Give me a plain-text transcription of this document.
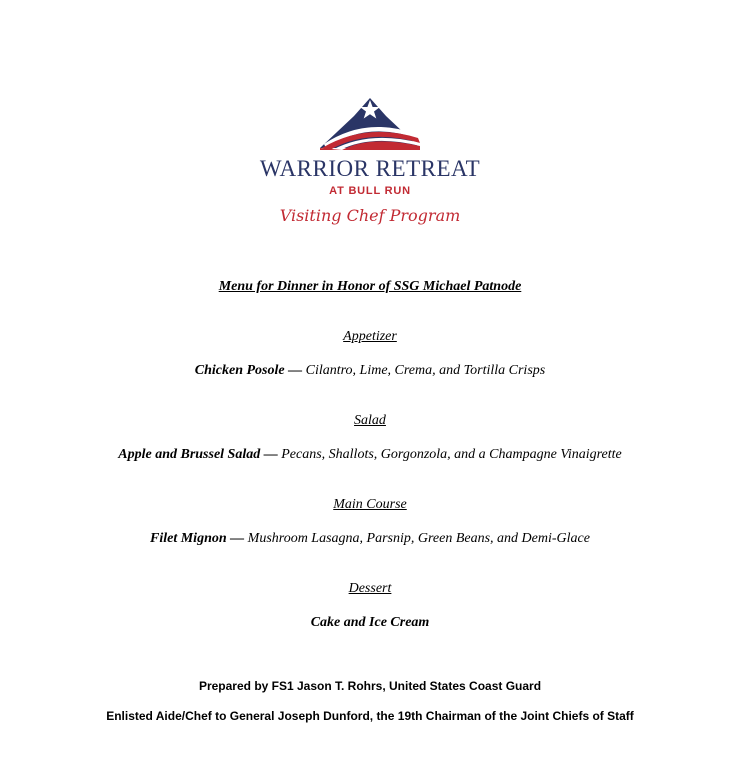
WARRIOR RETREAT
AT BULL RUN
Visiting Chef Program
Menu for Dinner in Honor of SSG Michael Patnode
Appetizer
Chicken Posole — Cilantro, Lime, Crema, and Tortilla Crisps
Salad
Apple and Brussel Salad — Pecans, Shallots, Gorgonzola, and a Champagne Vinaigrette
Main Course
Filet Mignon — Mushroom Lasagna, Parsnip, Green Beans, and Demi-Glace
Dessert
Cake and Ice Cream
Prepared by FS1 Jason T. Rohrs, United States Coast Guard
Enlisted Aide/Chef to General Joseph Dunford, the 19th Chairman of the Joint Chiefs of Staff
